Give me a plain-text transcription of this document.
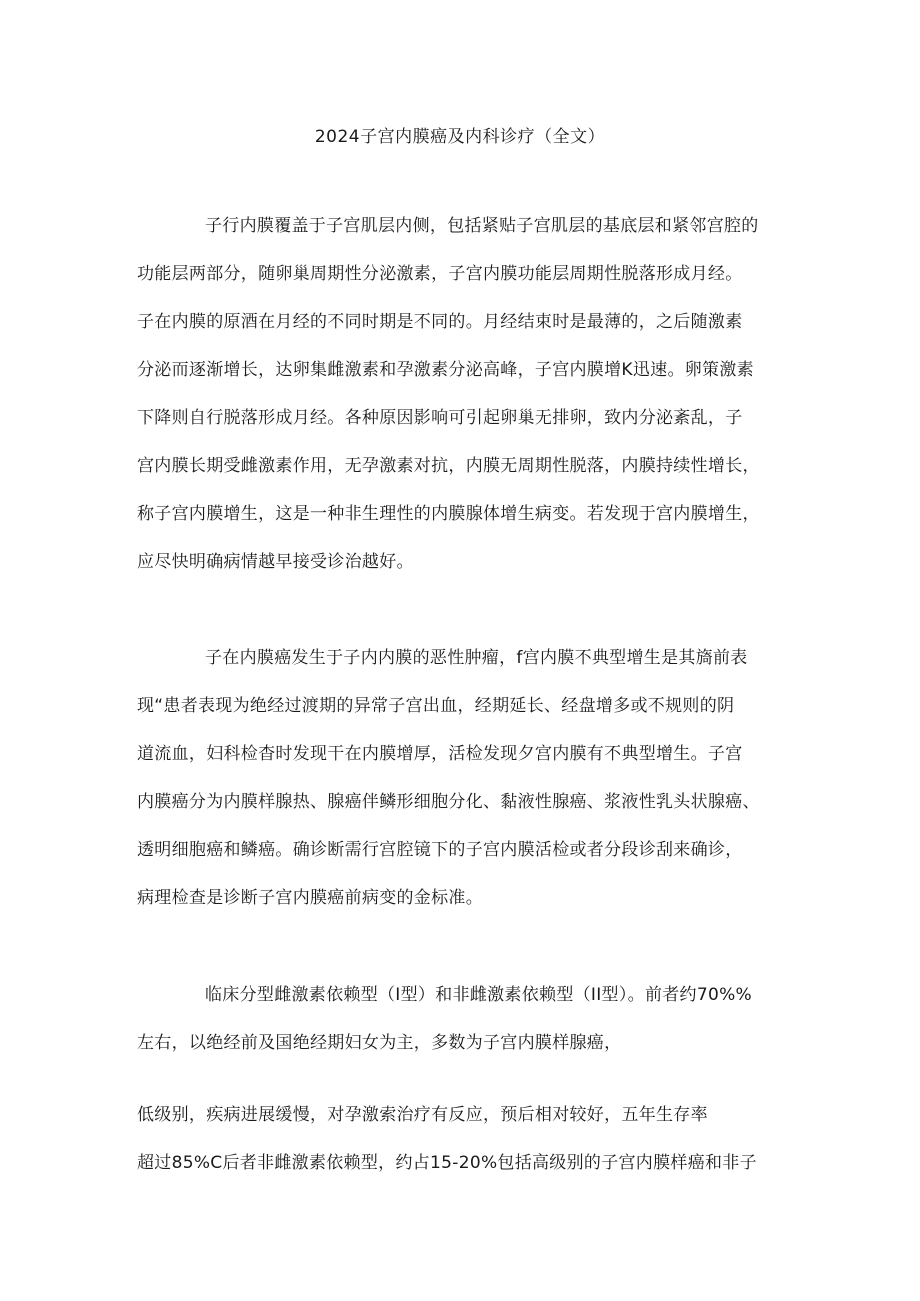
2024子宫内膜癌及内科诊疗（全文）
子行内膜覆盖于子宫肌层内侧，包括紧贴子宫肌层的基底层和紧邻宫腔的
功能层两部分，随卵巢周期性分泌激素，子宫内膜功能层周期性脱落形成月经。
子在内膜的原酒在月经的不同时期是不同的。月经结束时是最薄的，之后随激素
分泌而逐渐增长，达卵集雌激素和孕激素分泌高峰，子宫内膜增K迅速。卵策激素
下降则自行脱落形成月经。各种原因影响可引起卵巢无排卵，致内分泌紊乱，子
宫内膜长期受雌激素作用，无孕激素对抗，内膜无周期性脱落，内膜持续性增长，
称子宫内膜增生，这是一种非生理性的内膜腺体增生病变。若发现于宫内膜增生，
应尽快明确病情越早接受诊治越好。
子在内膜癌发生于子内内膜的恶性肿瘤，f宫内膜不典型增生是其旖前表
现“患者表现为绝经过渡期的异常子宫出血，经期延长、经盘增多或不规则的阴
道流血，妇科检杳时发现干在内膜增厚，活检发现夕宫内膜有不典型增生。子宫
内膜癌分为内膜样腺热、腺癌伴鳞形细胞分化、黏液性腺癌、浆液性乳头状腺癌、
透明细胞癌和鳞癌。确诊断需行宫腔镜下的子宫内膜活检或者分段诊刮来确诊，
病理检查是诊断子宫内膜癌前病变的金标准。
临床分型雌激素依赖型（I型）和非雌激素依赖型（II型）。前者约70%%
左右，以绝经前及国绝经期妇女为主，多数为子宫内膜样腺癌，
低级别，疾病进展缓慢，对孕激索治疗有反应，预后相对较好，五年生存率
超过85%C后者非雌激素依赖型，约占15-20%包括高级别的子宫内膜样癌和非子
